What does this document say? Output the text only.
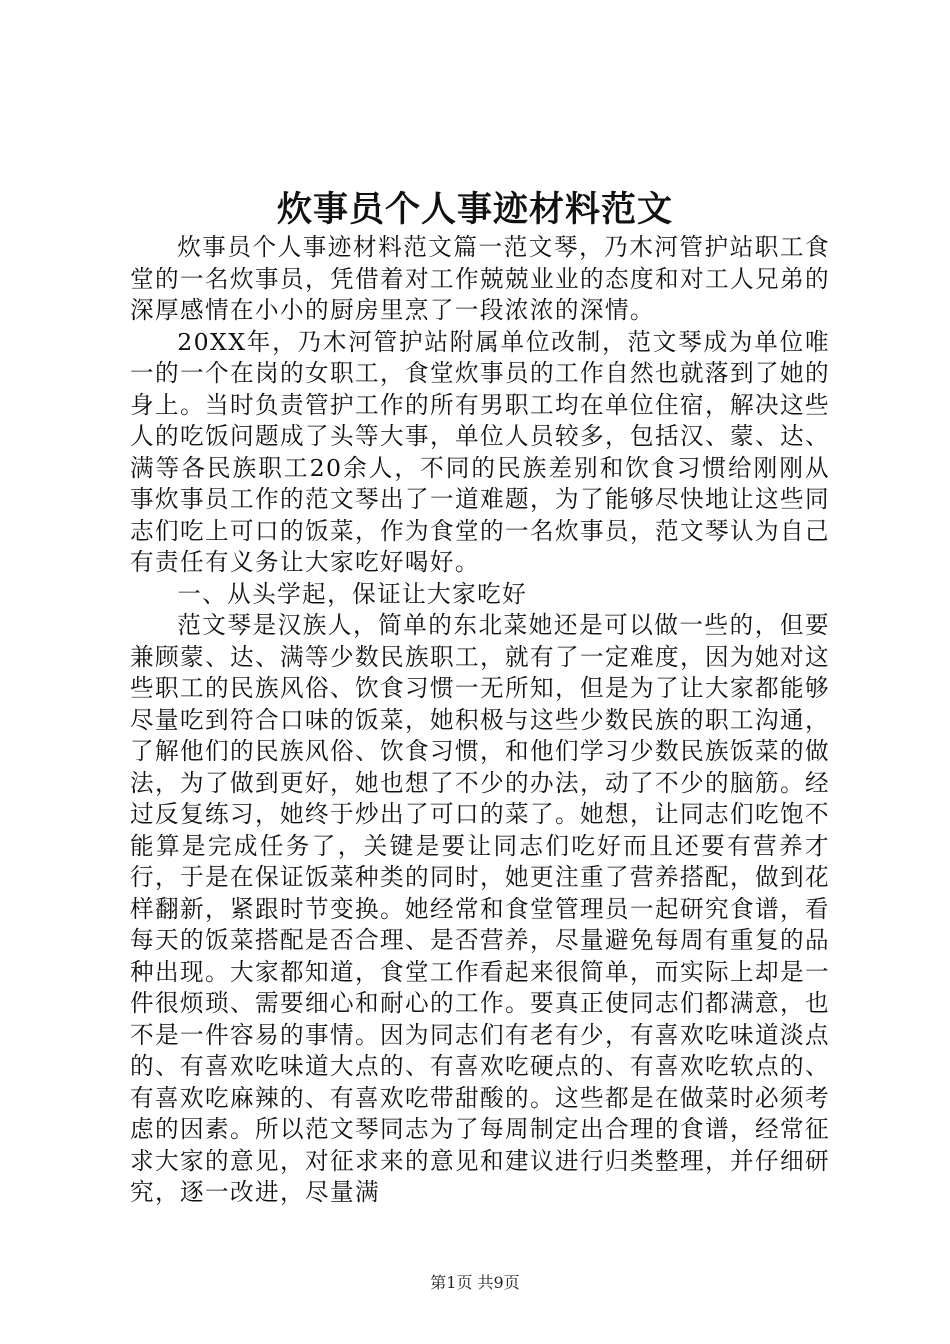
炊事员个人事迹材料范文

炊事员个人事迹材料范文篇一范文琴，乃木河管护站职工食堂的一名炊事员，凭借着对工作兢兢业业的态度和对工人兄弟的深厚感情在小小的厨房里烹了一段浓浓的深情。

20XX年，乃木河管护站附属单位改制，范文琴成为单位唯一的一个在岗的女职工，食堂炊事员的工作自然也就落到了她的身上。当时负责管护工作的所有男职工均在单位住宿，解决这些人的吃饭问题成了头等大事，单位人员较多，包括汉、蒙、达、满等各民族职工20余人，不同的民族差别和饮食习惯给刚刚从事炊事员工作的范文琴出了一道难题，为了能够尽快地让这些同志们吃上可口的饭菜，作为食堂的一名炊事员，范文琴认为自己有责任有义务让大家吃好喝好。

一、从头学起，保证让大家吃好

范文琴是汉族人，简单的东北菜她还是可以做一些的，但要兼顾蒙、达、满等少数民族职工，就有了一定难度，因为她对这些职工的民族风俗、饮食习惯一无所知，但是为了让大家都能够尽量吃到符合口味的饭菜，她积极与这些少数民族的职工沟通，了解他们的民族风俗、饮食习惯，和他们学习少数民族饭菜的做法，为了做到更好，她也想了不少的办法，动了不少的脑筋。经过反复练习，她终于炒出了可口的菜了。她想，让同志们吃饱不能算是完成任务了，关键是要让同志们吃好而且还要有营养才行，于是在保证饭菜种类的同时，她更注重了营养搭配，做到花样翻新，紧跟时节变换。她经常和食堂管理员一起研究食谱，看每天的饭菜搭配是否合理、是否营养，尽量避免每周有重复的品种出现。大家都知道，食堂工作看起来很简单，而实际上却是一件很烦琐、需要细心和耐心的工作。要真正使同志们都满意，也不是一件容易的事情。因为同志们有老有少，有喜欢吃味道淡点的、有喜欢吃味道大点的、有喜欢吃硬点的、有喜欢吃软点的、有喜欢吃麻辣的、有喜欢吃带甜酸的。这些都是在做菜时必须考虑的因素。所以范文琴同志为了每周制定出合理的食谱，经常征求大家的意见，对征求来的意见和建议进行归类整理，并仔细研究，逐一改进，尽量满

第1页 共9页
